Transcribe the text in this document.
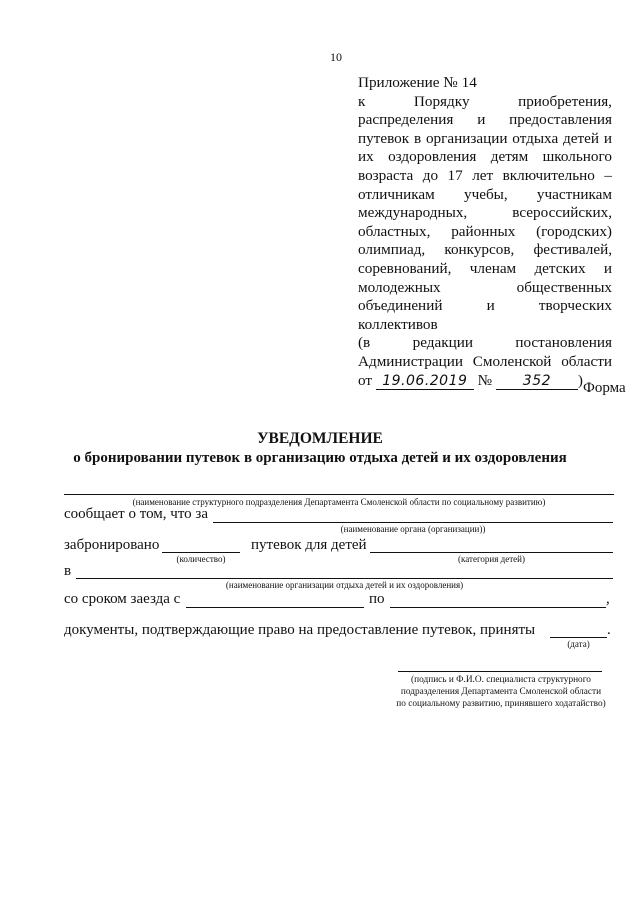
10
Приложение № 14
к	Порядку	приобретения,
распределения и предоставления
путевок в организации отдыха детей и
их оздоровления детям школьного
возраста до 17 лет включительно –
отличникам учебы, участникам
международных,	всероссийских,
областных, районных (городских)
олимпиад, конкурсов, фестивалей,
соревнований, членам детских и
молодежных	общественных
объединений	и	творческих
коллективов
(в	редакции	постановления
Администрации Смоленской области
от 19.06.2019 № 352 ) Форма
УВЕДОМЛЕНИЕ
о бронировании путевок в организацию отдыха детей и их оздоровления
(наименование структурного подразделения Департамента Смоленской области по социальному развитию)
сообщает о том, что за
(наименование органа (организации))
забронировано
(количество)
путевок для детей
(категория детей)
в
(наименование организации отдыха детей и их оздоровления)
со сроком заезда с	по	,
документы, подтверждающие право на предоставление путевок, приняты	.
(дата)
(подпись и Ф.И.О. специалиста структурного
подразделения Департамента Смоленской области
по социальному развитию, принявшего ходатайство)
